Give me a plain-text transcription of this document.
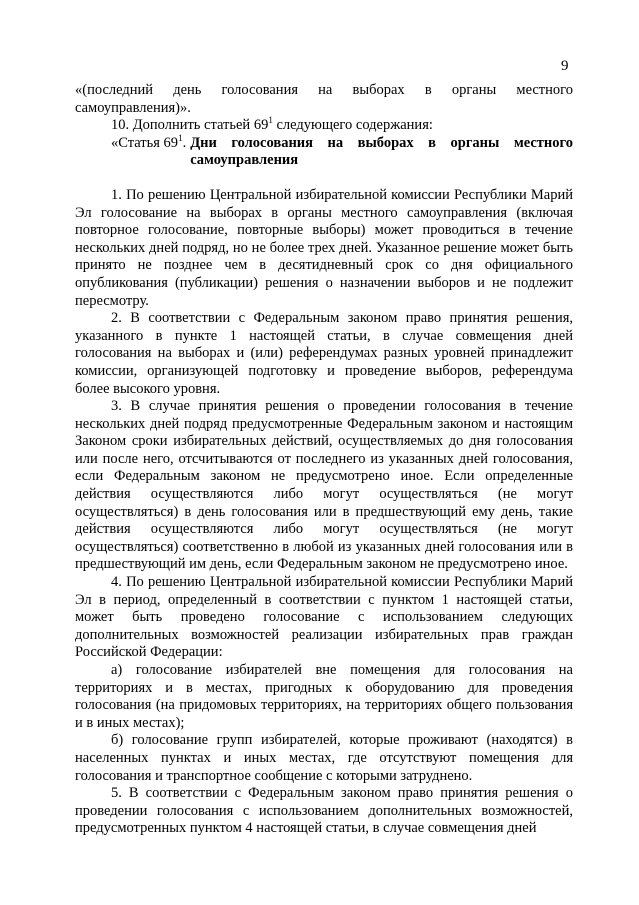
9

«(последний день голосования на выборах в органы местного самоуправления)».

10. Дополнить статьей $69^1$ следующего содержания:

«Статья $69^1$. Дни голосования на выборах в органы местного самоуправления

1. По решению Центральной избирательной комиссии Республики Марий Эл голосование на выборах в органы местного самоуправления (включая повторное голосование, повторные выборы) может проводиться в течение нескольких дней подряд, но не более трех дней. Указанное решение может быть принято не позднее чем в десятидневный срок со дня официального опубликования (публикации) решения о назначении выборов и не подлежит пересмотру.

2. В соответствии с Федеральным законом право принятия решения, указанного в пункте 1 настоящей статьи, в случае совмещения дней голосования на выборах и (или) референдумах разных уровней принадлежит комиссии, организующей подготовку и проведение выборов, референдума более высокого уровня.

3. В случае принятия решения о проведении голосования в течение нескольких дней подряд предусмотренные Федеральным законом и настоящим Законом сроки избирательных действий, осуществляемых до дня голосования или после него, отсчитываются от последнего из указанных дней голосования, если Федеральным законом не предусмотрено иное. Если определенные действия осуществляются либо могут осуществляться (не могут осуществляться) в день голосования или в предшествующий ему день, такие действия осуществляются либо могут осуществляться (не могут осуществляться) соответственно в любой из указанных дней голосования или в предшествующий им день, если Федеральным законом не предусмотрено иное.

4. По решению Центральной избирательной комиссии Республики Марий Эл в период, определенный в соответствии с пунктом 1 настоящей статьи, может быть проведено голосование с использованием следующих дополнительных возможностей реализации избирательных прав граждан Российской Федерации:

а) голосование избирателей вне помещения для голосования на территориях и в местах, пригодных к оборудованию для проведения голосования (на придомовых территориях, на территориях общего пользования и в иных местах);

б) голосование групп избирателей, которые проживают (находятся) в населенных пунктах и иных местах, где отсутствуют помещения для голосования и транспортное сообщение с которыми затруднено.

5. В соответствии с Федеральным законом право принятия решения о проведении голосования с использованием дополнительных возможностей, предусмотренных пунктом 4 настоящей статьи, в случае совмещения дней
